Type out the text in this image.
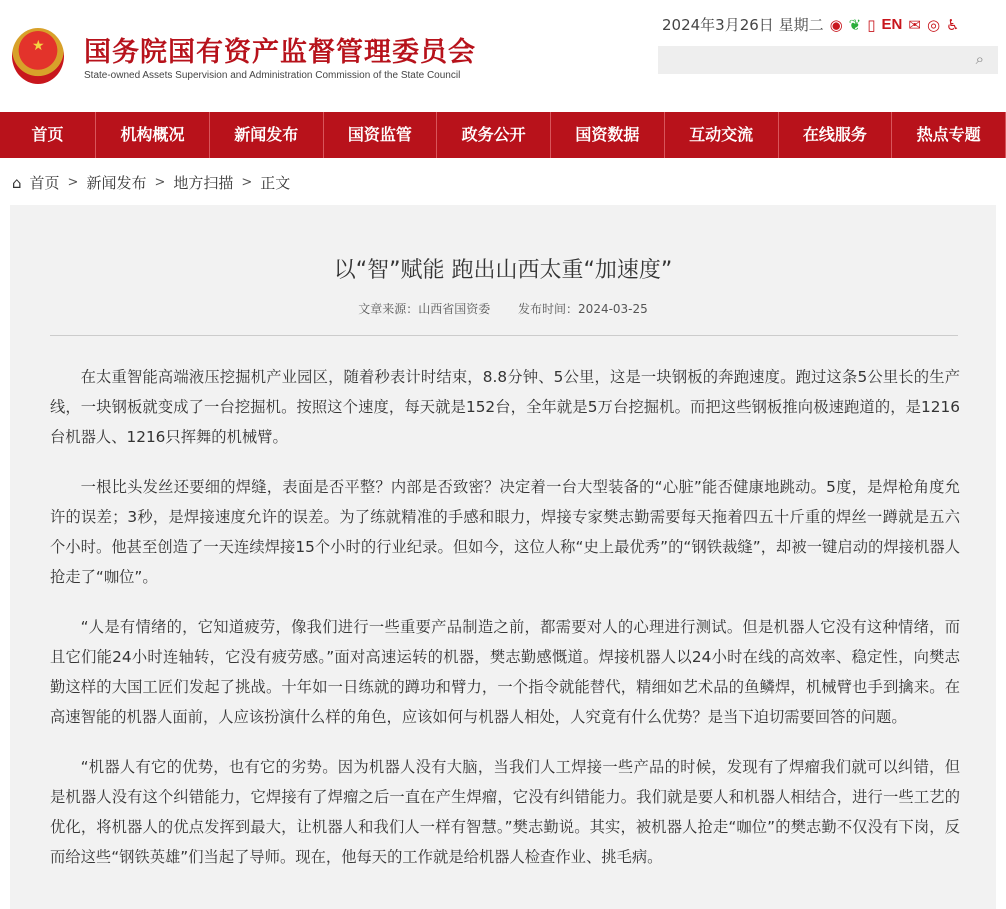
★ 国务院国有资产监督管理委员会
State-owned Assets Supervision and Administration Commission of the State Council
2024年3月26日 星期二 ◉ ❦ ▯ EN ✉ ◎ ♿
⌕
首页	机构概况	新闻发布	国资监管	政务公开	国资数据	互动交流	在线服务	热点专题
⌂ 首页 > 新闻发布 > 地方扫描 > 正文
以“智”赋能 跑出山西太重“加速度”
文章来源：山西省国资委 发布时间：2024-03-25

在太重智能高端液压挖掘机产业园区，随着秒表计时结束，8.8分钟、5公里，这是一块钢板的奔跑速度。跑过这条5公里长的生产线，一块钢板就变成了一台挖掘机。按照这个速度，每天就是152台，全年就是5万台挖掘机。而把这些钢板推向极速跑道的，是1216台机器人、1216只挥舞的机械臂。

一根比头发丝还要细的焊缝，表面是否平整？内部是否致密？决定着一台大型装备的“心脏”能否健康地跳动。5度，是焊枪角度允许的误差；3秒，是焊接速度允许的误差。为了练就精准的手感和眼力，焊接专家樊志勤需要每天拖着四五十斤重的焊丝一蹲就是五六个小时。他甚至创造了一天连续焊接15个小时的行业纪录。但如今，这位人称“史上最优秀”的“钢铁裁缝”，却被一键启动的焊接机器人抢走了“咖位”。

“人是有情绪的，它知道疲劳，像我们进行一些重要产品制造之前，都需要对人的心理进行测试。但是机器人它没有这种情绪，而且它们能24小时连轴转，它没有疲劳感。”面对高速运转的机器，樊志勤感慨道。焊接机器人以24小时在线的高效率、稳定性，向樊志勤这样的大国工匠们发起了挑战。十年如一日练就的蹲功和臂力，一个指令就能替代，精细如艺术品的鱼鳞焊，机械臂也手到擒来。在高速智能的机器人面前，人应该扮演什么样的角色，应该如何与机器人相处，人究竟有什么优势？是当下迫切需要回答的问题。

“机器人有它的优势，也有它的劣势。因为机器人没有大脑，当我们人工焊接一些产品的时候，发现有了焊瘤我们就可以纠错，但是机器人没有这个纠错能力，它焊接有了焊瘤之后一直在产生焊瘤，它没有纠错能力。我们就是要人和机器人相结合，进行一些工艺的优化，将机器人的优点发挥到最大，让机器人和我们人一样有智慧。”樊志勤说。其实，被机器人抢走“咖位”的樊志勤不仅没有下岗，反而给这些“钢铁英雄”们当起了导师。现在，他每天的工作就是给机器人检查作业、挑毛病。
